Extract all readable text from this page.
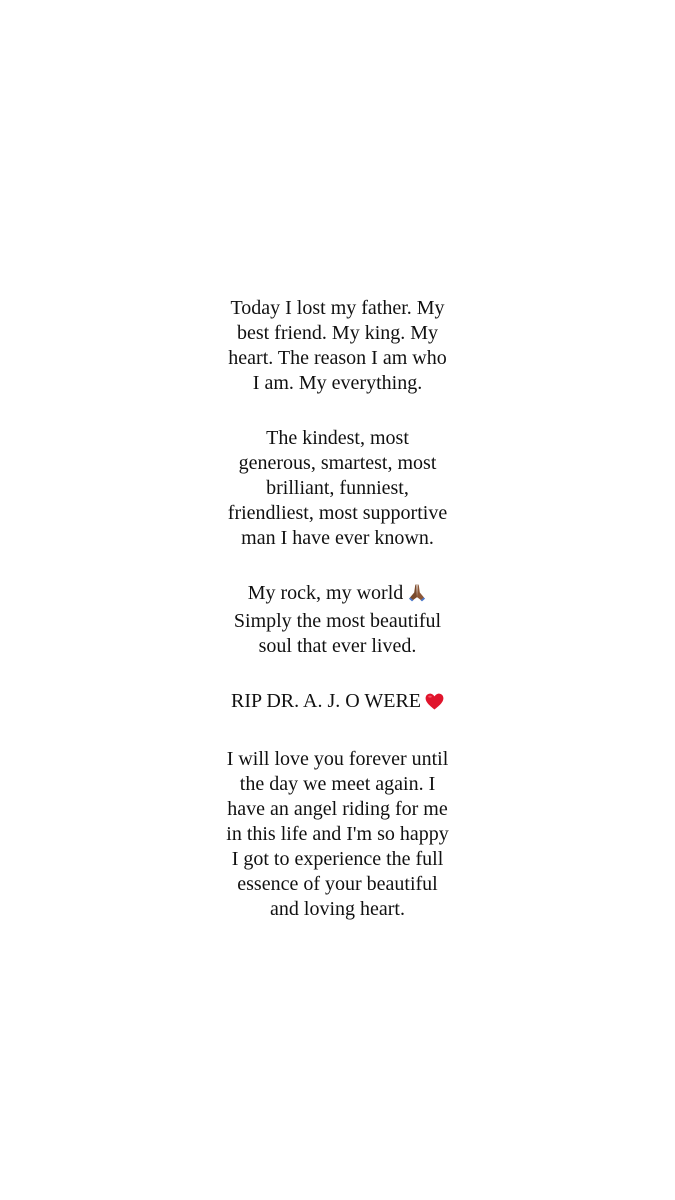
Today I lost my father. My
best friend. My king. My
heart. The reason I am who
I am. My everything.

The kindest, most
generous, smartest, most
brilliant, funniest,
friendliest, most supportive
man I have ever known.

My rock, my world
Simply the most beautiful
soul that ever lived.

RIP DR. A. J. O WERE

I will love you forever until
the day we meet again. I
have an angel riding for me
in this life and I'm so happy
I got to experience the full
essence of your beautiful
and loving heart.
